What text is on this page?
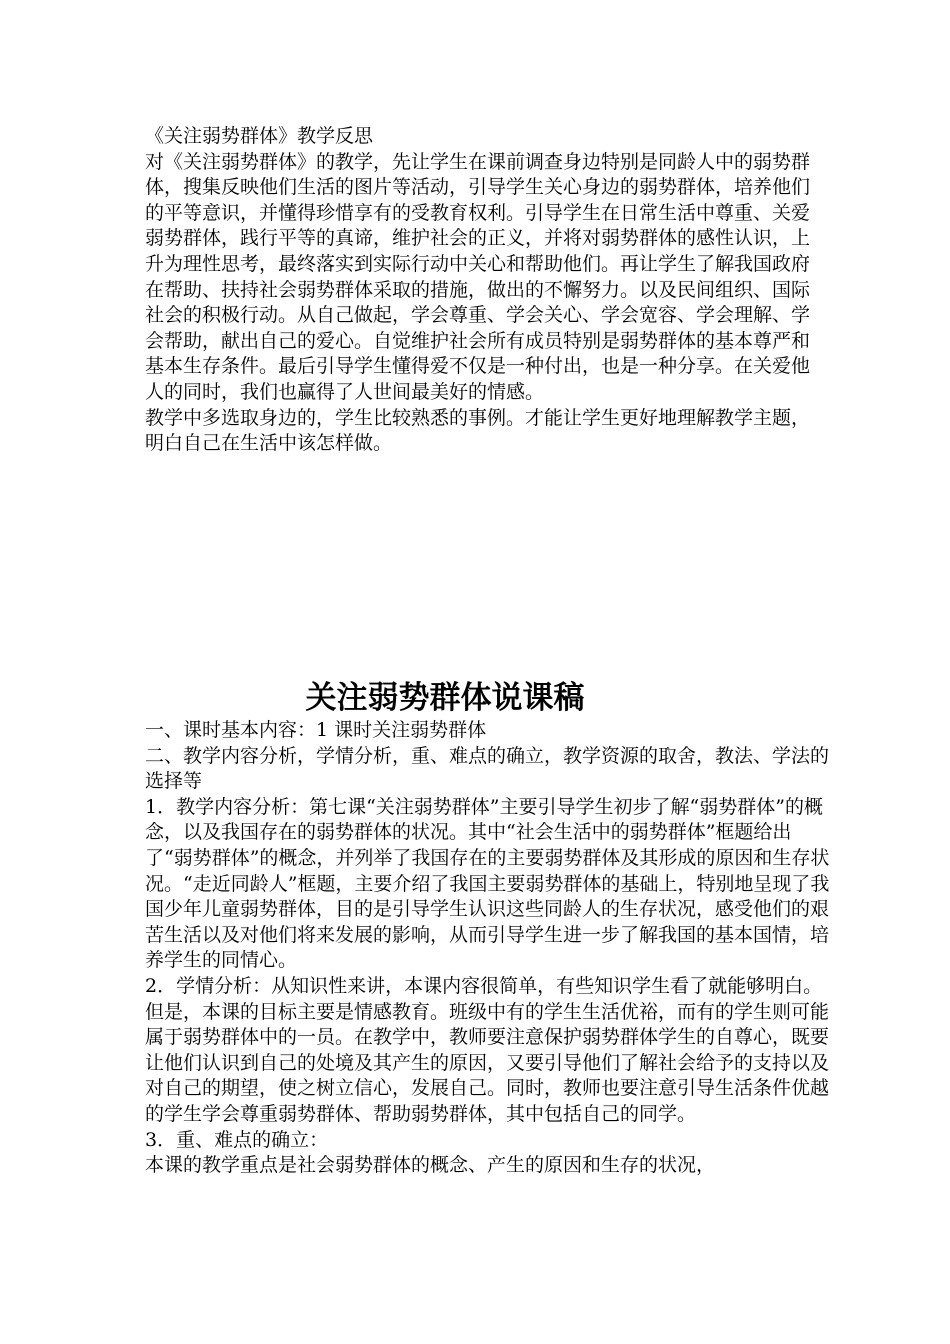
《关注弱势群体》教学反思

对《关注弱势群体》的教学，先让学生在课前调查身边特别是同龄人中的弱势群体，搜集反映他们生活的图片等活动，引导学生关心身边的弱势群体，培养他们的平等意识，并懂得珍惜享有的受教育权利。引导学生在日常生活中尊重、关爱弱势群体，践行平等的真谛，维护社会的正义，并将对弱势群体的感性认识，上升为理性思考，最终落实到实际行动中关心和帮助他们。再让学生了解我国政府在帮助、扶持社会弱势群体采取的措施，做出的不懈努力。以及民间组织、国际社会的积极行动。从自己做起，学会尊重、学会关心、学会宽容、学会理解、学会帮助，献出自己的爱心。自觉维护社会所有成员特别是弱势群体的基本尊严和基本生存条件。最后引导学生懂得爱不仅是一种付出，也是一种分享。在关爱他人的同时，我们也赢得了人世间最美好的情感。

教学中多选取身边的，学生比较熟悉的事例。才能让学生更好地理解教学主题，明白自己在生活中该怎样做。

关注弱势群体说课稿

一、课时基本内容：1 课时关注弱势群体

二、教学内容分析，学情分析，重、难点的确立，教学资源的取舍，教法、学法的选择等

1．教学内容分析：第七课“关注弱势群体”主要引导学生初步了解“弱势群体”的概念，以及我国存在的弱势群体的状况。其中“社会生活中的弱势群体”框题给出了“弱势群体”的概念，并列举了我国存在的主要弱势群体及其形成的原因和生存状况。“走近同龄人”框题，主要介绍了我国主要弱势群体的基础上，特别地呈现了我国少年儿童弱势群体，目的是引导学生认识这些同龄人的生存状况，感受他们的艰苦生活以及对他们将来发展的影响，从而引导学生进一步了解我国的基本国情，培养学生的同情心。

2．学情分析：从知识性来讲，本课内容很简单，有些知识学生看了就能够明白。但是，本课的目标主要是情感教育。班级中有的学生生活优裕，而有的学生则可能属于弱势群体中的一员。在教学中，教师要注意保护弱势群体学生的自尊心，既要让他们认识到自己的处境及其产生的原因，又要引导他们了解社会给予的支持以及对自己的期望，使之树立信心，发展自己。同时，教师也要注意引导生活条件优越的学生学会尊重弱势群体、帮助弱势群体，其中包括自己的同学。

3．重、难点的确立：

本课的教学重点是社会弱势群体的概念、产生的原因和生存的状况，
